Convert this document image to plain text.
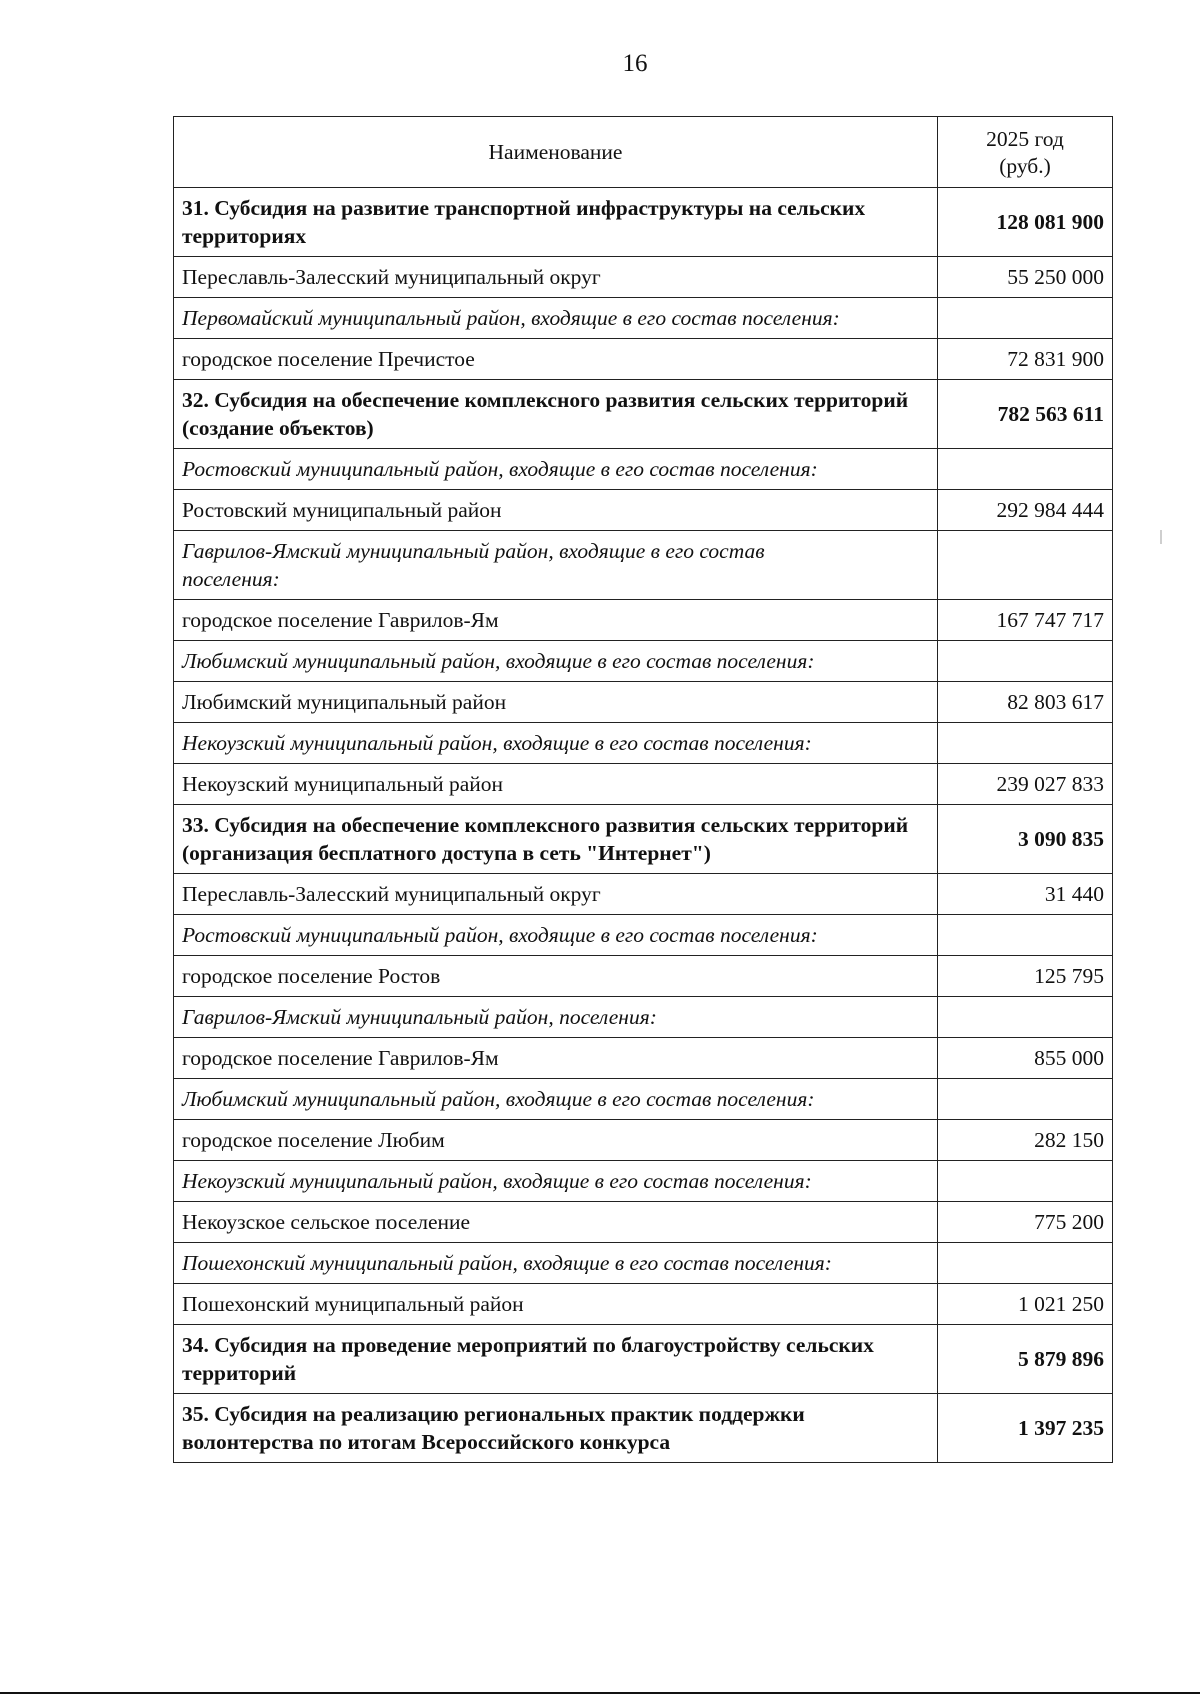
16
Наименование	2025 год
(руб.)
31. Субсидия на развитие транспортной инфраструктуры на сельских территориях	128 081 900
Переславль-Залесский муниципальный округ	55 250 000
Первомайский муниципальный район, входящие в его состав поселения:	
городское поселение Пречистое	72 831 900
32. Субсидия на обеспечение комплексного развития сельских территорий (создание объектов)	782 563 611
Ростовский муниципальный район, входящие в его состав поселения:	
Ростовский муниципальный район	292 984 444
Гаврилов-Ямский муниципальный район, входящие в его состав поселения:	
городское поселение Гаврилов-Ям	167 747 717
Любимский муниципальный район, входящие в его состав поселения:	
Любимский муниципальный район	82 803 617
Некоузский муниципальный район, входящие в его состав поселения:	
Некоузский муниципальный район	239 027 833
33. Субсидия на обеспечение комплексного развития сельских территорий (организация бесплатного доступа в сеть "Интернет")	3 090 835
Переславль-Залесский муниципальный округ	31 440
Ростовский муниципальный район, входящие в его состав поселения:	
городское поселение Ростов	125 795
Гаврилов-Ямский муниципальный район, поселения:	
городское поселение Гаврилов-Ям	855 000
Любимский муниципальный район, входящие в его состав поселения:	
городское поселение Любим	282 150
Некоузский муниципальный район, входящие в его состав поселения:	
Некоузское сельское поселение	775 200
Пошехонский муниципальный район, входящие в его состав поселения:	
Пошехонский муниципальный район	1 021 250
34. Субсидия на проведение мероприятий по благоустройству сельских территорий	5 879 896
35. Субсидия на реализацию региональных практик поддержки волонтерства по итогам Всероссийского конкурса	1 397 235
